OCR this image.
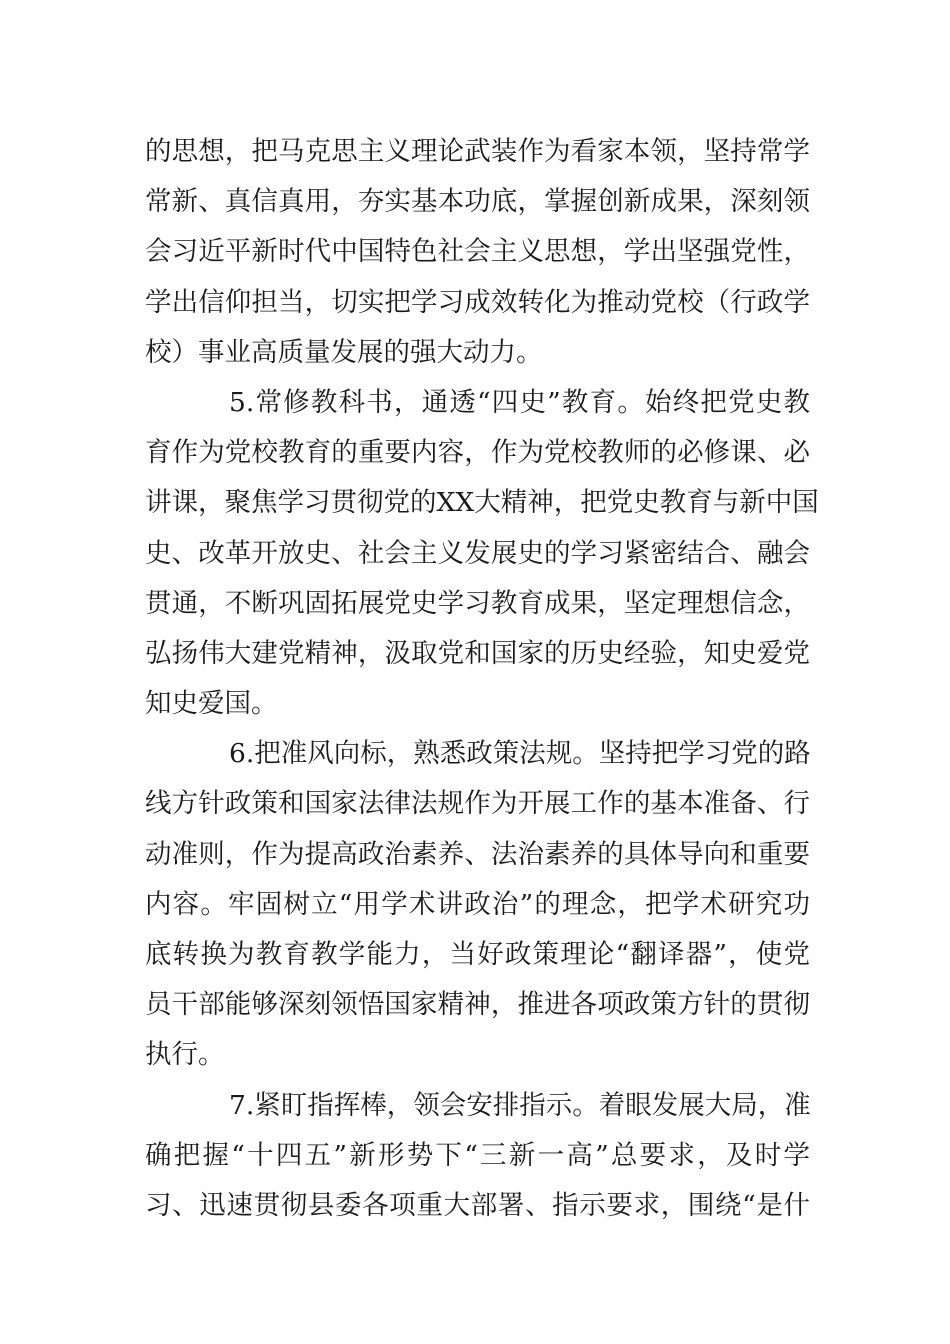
的思想，把马克思主义理论武装作为看家本领，坚持常学
常新、真信真用，夯实基本功底，掌握创新成果，深刻领
会习近平新时代中国特色社会主义思想，学出坚强党性，
学出信仰担当，切实把学习成效转化为推动党校（行政学
校）事业高质量发展的强大动力。
5.常修教科书，通透“四史”教育。始终把党史教
育作为党校教育的重要内容，作为党校教师的必修课、必
讲课，聚焦学习贯彻党的XX大精神，把党史教育与新中国
史、改革开放史、社会主义发展史的学习紧密结合、融会
贯通，不断巩固拓展党史学习教育成果，坚定理想信念，
弘扬伟大建党精神，汲取党和国家的历史经验，知史爱党
知史爱国。
6.把准风向标，熟悉政策法规。坚持把学习党的路
线方针政策和国家法律法规作为开展工作的基本准备、行
动准则，作为提高政治素养、法治素养的具体导向和重要
内容。牢固树立“用学术讲政治”的理念，把学术研究功
底转换为教育教学能力，当好政策理论“翻译器”，使党
员干部能够深刻领悟国家精神，推进各项政策方针的贯彻
执行。
7.紧盯指挥棒，领会安排指示。着眼发展大局，准
确把握“十四五”新形势下“三新一高”总要求，及时学
习、迅速贯彻县委各项重大部署、指示要求，围绕“是什
